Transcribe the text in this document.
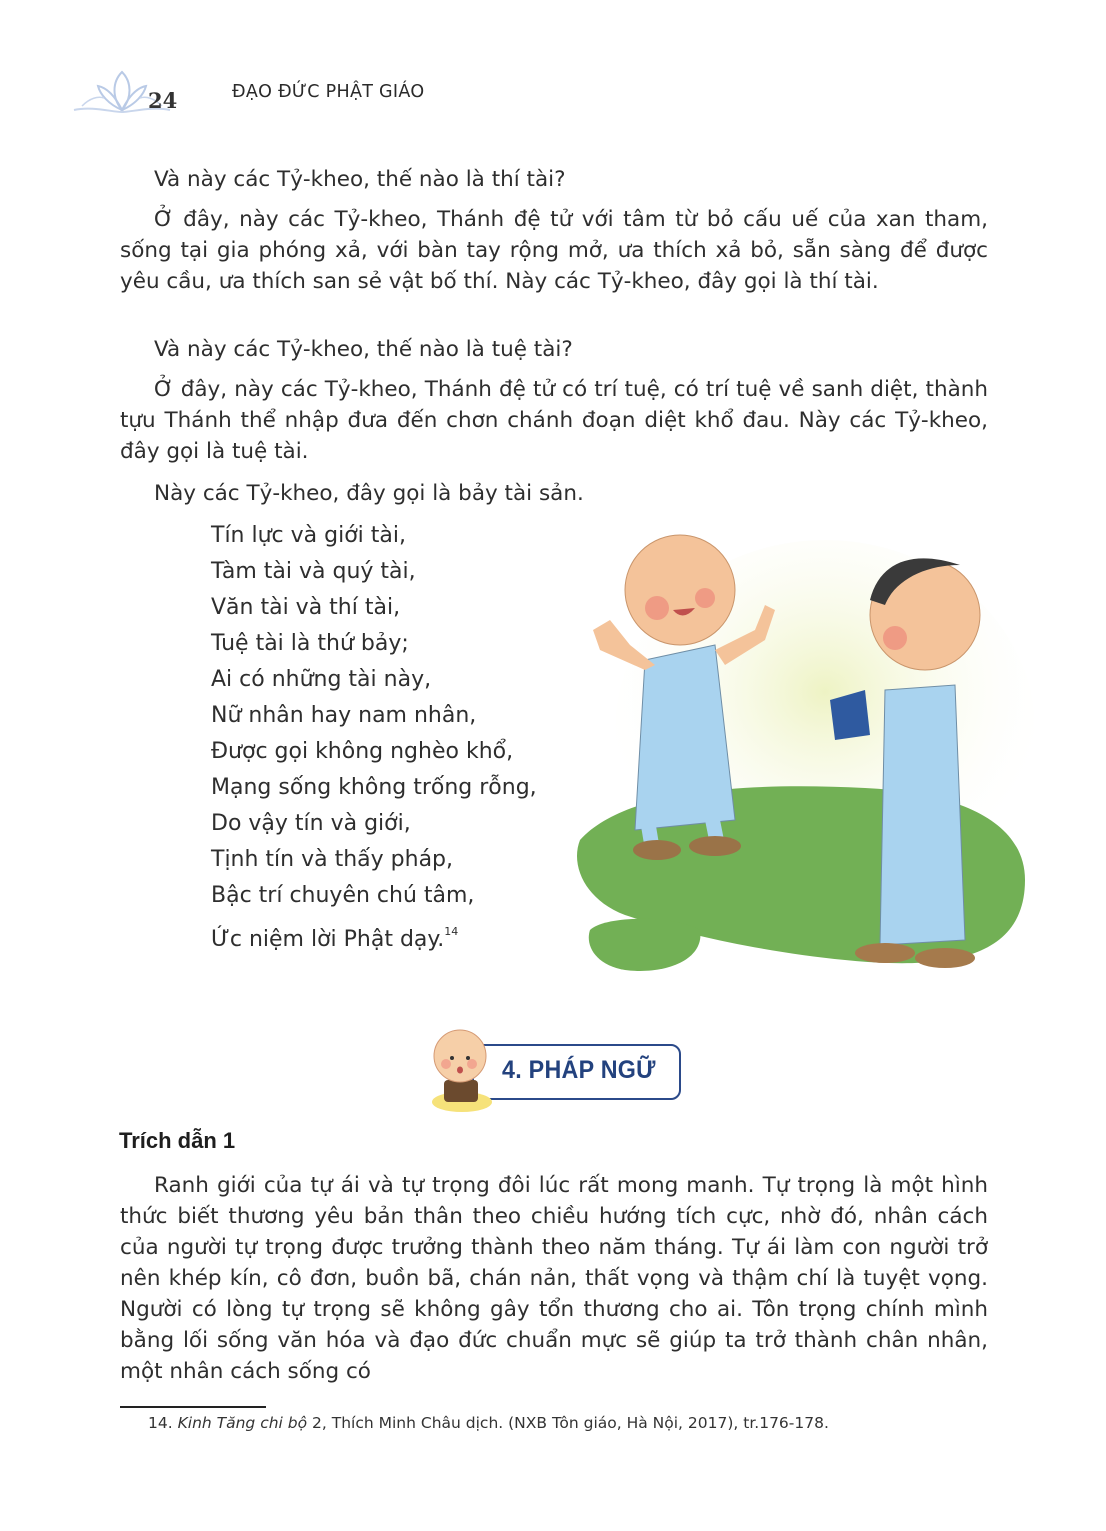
24	ĐẠO ĐỨC PHẬT GIÁO

Và này các Tỷ-kheo, thế nào là thí tài?

Ở đây, này các Tỷ-kheo, Thánh đệ tử với tâm từ bỏ cấu uế của xan tham, sống tại gia phóng xả, với bàn tay rộng mở, ưa thích xả bỏ, sẵn sàng để được yêu cầu, ưa thích san sẻ vật bố thí. Này các Tỷ-kheo, đây gọi là thí tài.

Và này các Tỷ-kheo, thế nào là tuệ tài?

Ở đây, này các Tỷ-kheo, Thánh đệ tử có trí tuệ, có trí tuệ về sanh diệt, thành tựu Thánh thể nhập đưa đến chơn chánh đoạn diệt khổ đau. Này các Tỷ-kheo, đây gọi là tuệ tài.

Này các Tỷ-kheo, đây gọi là bảy tài sản.

Tín lực và giới tài,
Tàm tài và quý tài,
Văn tài và thí tài,
Tuệ tài là thứ bảy;
Ai có những tài này,
Nữ nhân hay nam nhân,
Được gọi không nghèo khổ,
Mạng sống không trống rỗng,
Do vậy tín và giới,
Tịnh tín và thấy pháp,
Bậc trí chuyên chú tâm,
Ức niệm lời Phật dạy.$^{14}$
4. PHÁP NGỮ
Trích dẫn 1

Ranh giới của tự ái và tự trọng đôi lúc rất mong manh. Tự trọng là một hình thức biết thương yêu bản thân theo chiều hướng tích cực, nhờ đó, nhân cách của người tự trọng được trưởng thành theo năm tháng. Tự ái làm con người trở nên khép kín, cô đơn, buồn bã, chán nản, thất vọng và thậm chí là tuyệt vọng. Người có lòng tự trọng sẽ không gây tổn thương cho ai. Tôn trọng chính mình bằng lối sống văn hóa và đạo đức chuẩn mực sẽ giúp ta trở thành chân nhân, một nhân cách sống có

14. Kinh Tăng chi bộ 2, Thích Minh Châu dịch. (NXB Tôn giáo, Hà Nội, 2017), tr.176-178.
